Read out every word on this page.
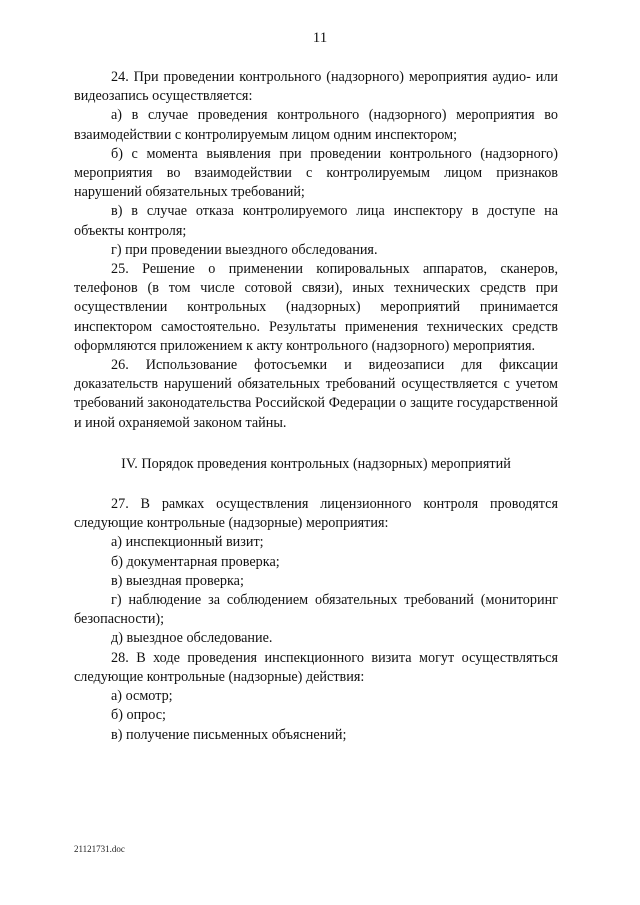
11

24. При проведении контрольного (надзорного) мероприятия аудио- или видеозапись осуществляется:

а) в случае проведения контрольного (надзорного) мероприятия во взаимодействии с контролируемым лицом одним инспектором;

б) с момента выявления при проведении контрольного (надзорного) мероприятия во взаимодействии с контролируемым лицом признаков нарушений обязательных требований;

в) в случае отказа контролируемого лица инспектору в доступе на объекты контроля;

г) при проведении выездного обследования.

25. Решение о применении копировальных аппаратов, сканеров, телефонов (в том числе сотовой связи), иных технических средств при осуществлении контрольных (надзорных) мероприятий принимается инспектором самостоятельно. Результаты применения технических средств оформляются приложением к акту контрольного (надзорного) мероприятия.

26. Использование фотосъемки и видеозаписи для фиксации доказательств нарушений обязательных требований осуществляется с учетом требований законодательства Российской Федерации о защите государственной и иной охраняемой законом тайны.

IV. Порядок проведения контрольных (надзорных) мероприятий

27. В рамках осуществления лицензионного контроля проводятся следующие контрольные (надзорные) мероприятия:

а) инспекционный визит;

б) документарная проверка;

в) выездная проверка;

г) наблюдение за соблюдением обязательных требований (мониторинг безопасности);

д) выездное обследование.

28. В ходе проведения инспекционного визита могут осуществляться следующие контрольные (надзорные) действия:

а) осмотр;

б) опрос;

в) получение письменных объяснений;

21121731.doc
